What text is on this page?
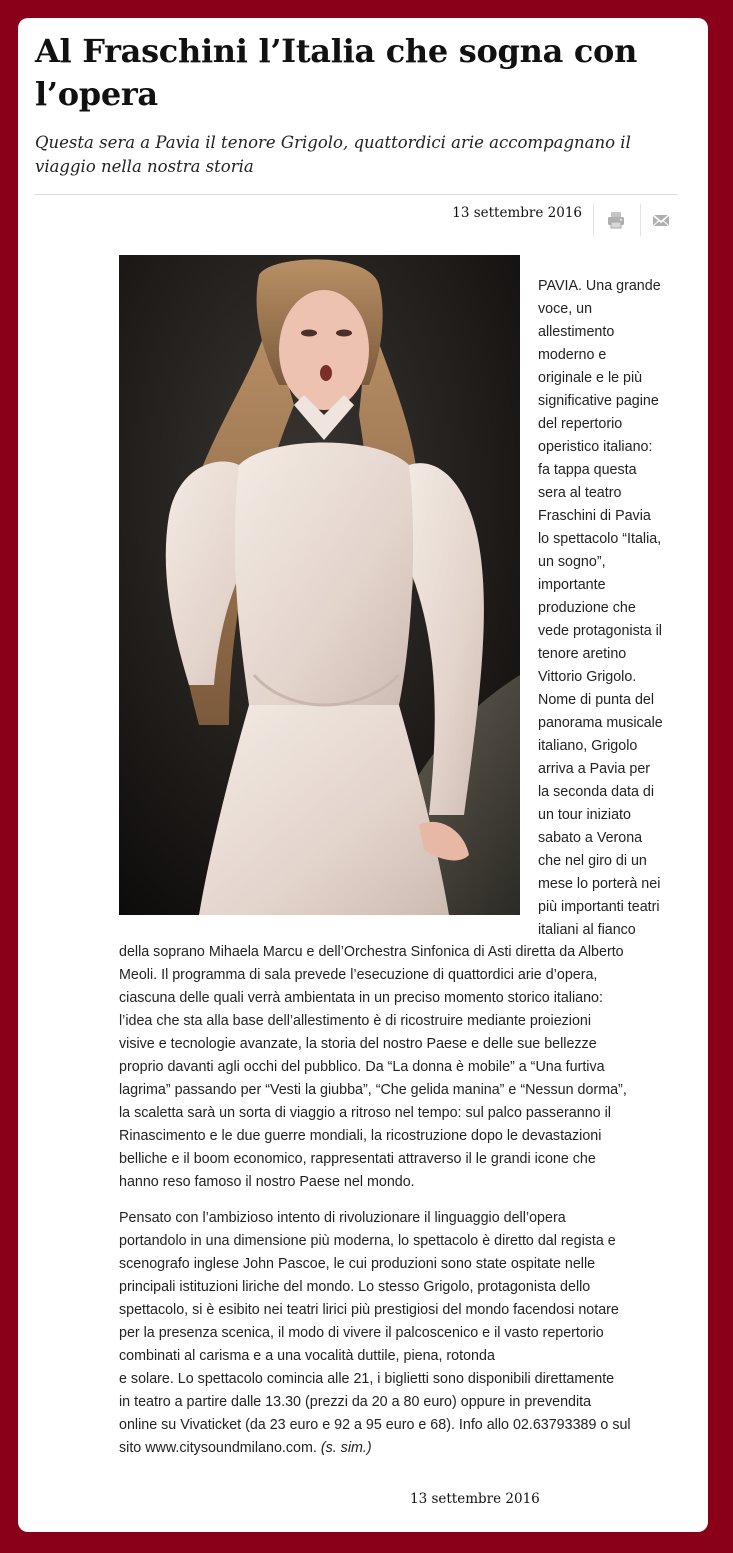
Al Fraschini l’Italia che sogna con l’opera

Questa sera a Pavia il tenore Grigolo, quattordici arie accompagnano il viaggio nella nostra storia

13 settembre 2016
PAVIA. Una grande
voce, un
allestimento
moderno e
originale e le più
significative pagine
del repertorio
operistico italiano:
fa tappa questa
sera al teatro
Fraschini di Pavia
lo spettacolo “Italia,
un sogno”,
importante
produzione che
vede protagonista il
tenore aretino
Vittorio Grigolo.
Nome di punta del
panorama musicale
italiano, Grigolo
arriva a Pavia per
la seconda data di
un tour iniziato
sabato a Verona
che nel giro di un
mese lo porterà nei
più importanti teatri
italiani al fianco
della soprano Mihaela Marcu e dell’Orchestra Sinfonica di Asti diretta da Alberto
Meoli. Il programma di sala prevede l’esecuzione di quattordici arie d’opera,
ciascuna delle quali verrà ambientata in un preciso momento storico italiano:
l’idea che sta alla base dell’allestimento è di ricostruire mediante proiezioni
visive e tecnologie avanzate, la storia del nostro Paese e delle sue bellezze
proprio davanti agli occhi del pubblico. Da “La donna è mobile” a “Una furtiva
lagrima” passando per “Vesti la giubba”, “Che gelida manina” e “Nessun dorma”,
la scaletta sarà un sorta di viaggio a ritroso nel tempo: sul palco passeranno il
Rinascimento e le due guerre mondiali, la ricostruzione dopo le devastazioni
belliche e il boom economico, rappresentati attraverso il le grandi icone che
hanno reso famoso il nostro Paese nel mondo.
Pensato con l’ambizioso intento di rivoluzionare il linguaggio dell’opera
portandolo in una dimensione più moderna, lo spettacolo è diretto dal regista e
scenografo inglese John Pascoe, le cui produzioni sono state ospitate nelle
principali istituzioni liriche del mondo. Lo stesso Grigolo, protagonista dello
spettacolo, si è esibito nei teatri lirici più prestigiosi del mondo facendosi notare
per la presenza scenica, il modo di vivere il palcoscenico e il vasto repertorio
combinati al carisma e a una vocalità duttile, piena, rotonda
e solare. Lo spettacolo comincia alle 21, i biglietti sono disponibili direttamente
in teatro a partire dalle 13.30 (prezzi da 20 a 80 euro) oppure in prevendita
online su Vivaticket (da 23 euro e 92 a 95 euro e 68). Info allo 02.63793389 o sul
sito www.citysoundmilano.com. (s. sim.)
13 settembre 2016
